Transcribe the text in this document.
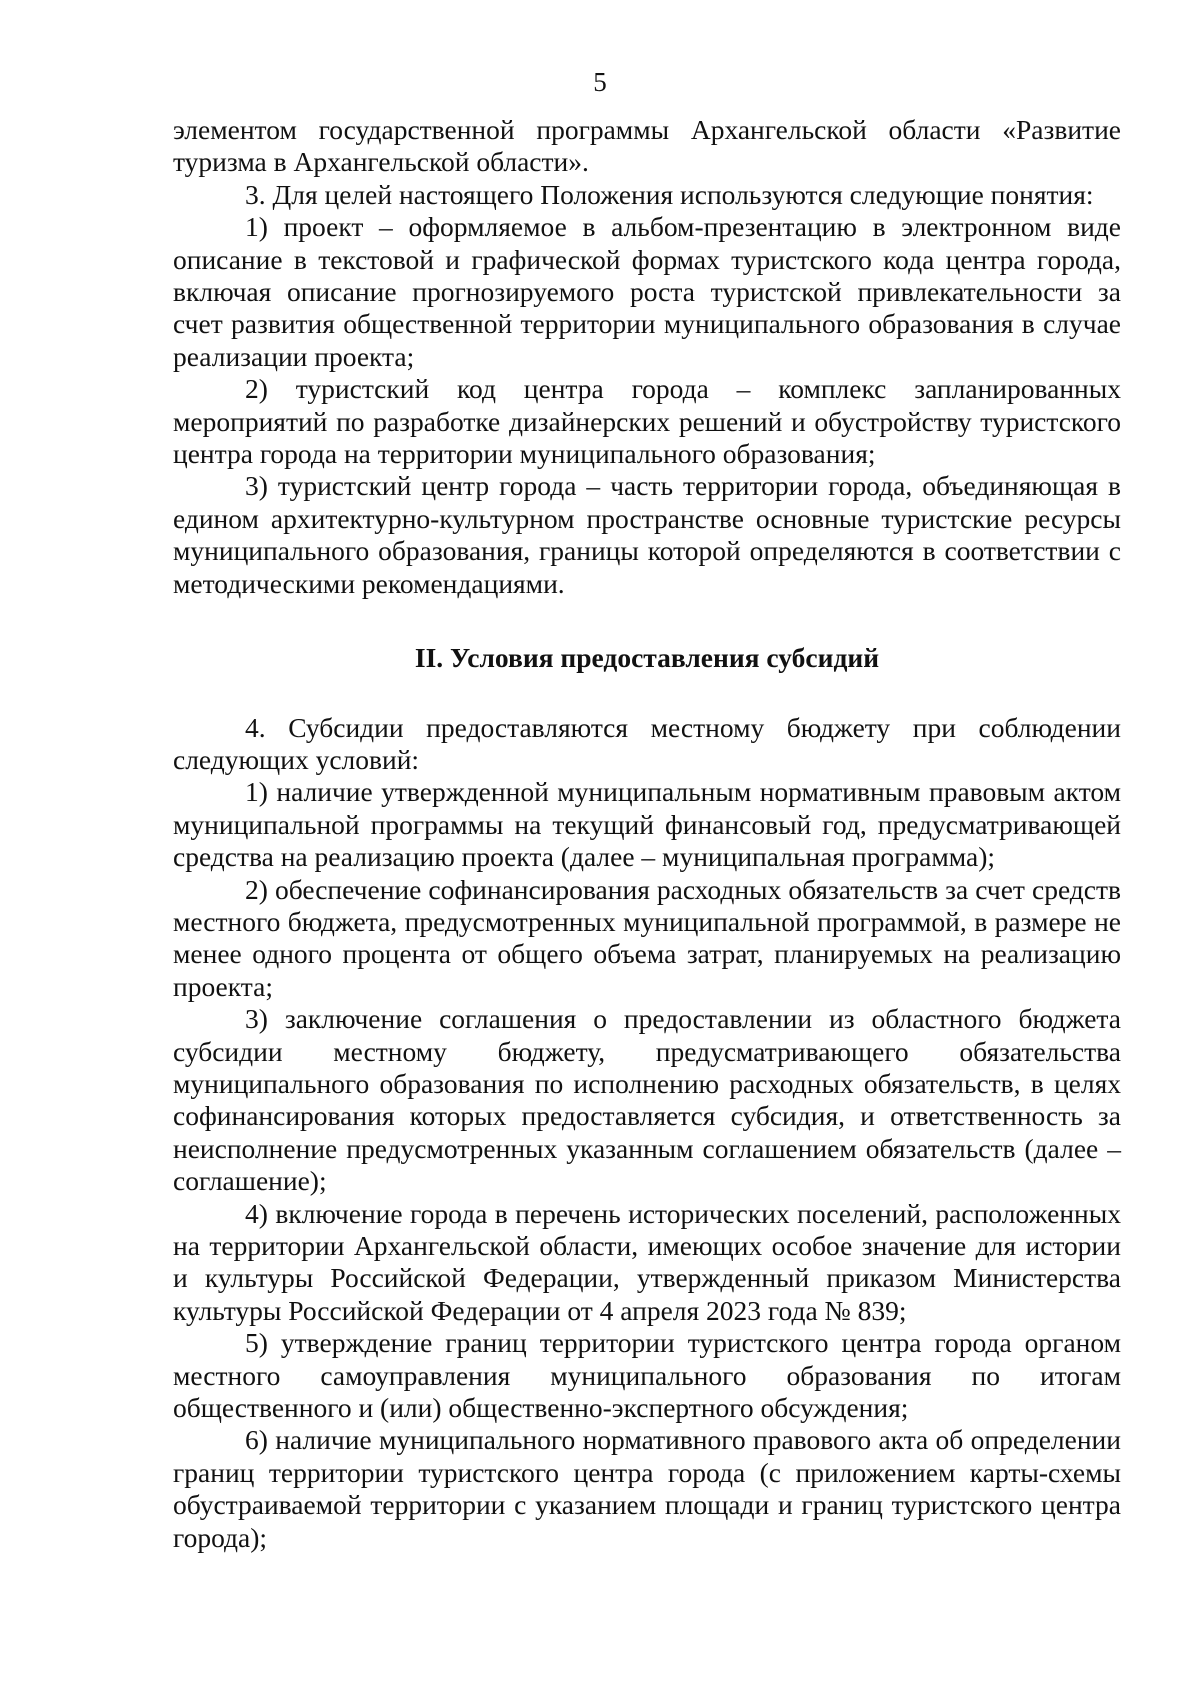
5

элементом государственной программы Архангельской области «Развитие туризма в Архангельской области».

3. Для целей настоящего Положения используются следующие понятия:

1) проект – оформляемое в альбом-презентацию в электронном виде описание в текстовой и графической формах туристского кода центра города, включая описание прогнозируемого роста туристской привлекательности за счет развития общественной территории муниципального образования в случае реализации проекта;

2) туристский код центра города – комплекс запланированных мероприятий по разработке дизайнерских решений и обустройству туристского центра города на территории муниципального образования;

3) туристский центр города – часть территории города, объединяющая в едином архитектурно-культурном пространстве основные туристские ресурсы муниципального образования, границы которой определяются в соответствии с методическими рекомендациями.

II. Условия предоставления субсидий

4. Субсидии предоставляются местному бюджету при соблюдении следующих условий:

1) наличие утвержденной муниципальным нормативным правовым актом муниципальной программы на текущий финансовый год, предусматривающей средства на реализацию проекта (далее – муниципальная программа);

2) обеспечение софинансирования расходных обязательств за счет средств местного бюджета, предусмотренных муниципальной программой, в размере не менее одного процента от общего объема затрат, планируемых на реализацию проекта;

3) заключение соглашения о предоставлении из областного бюджета субсидии местному бюджету, предусматривающего обязательства муниципального образования по исполнению расходных обязательств, в целях софинансирования которых предоставляется субсидия, и ответственность за неисполнение предусмотренных указанным соглашением обязательств (далее – соглашение);

4) включение города в перечень исторических поселений, расположенных на территории Архангельской области, имеющих особое значение для истории и культуры Российской Федерации, утвержденный приказом Министерства культуры Российской Федерации от 4 апреля 2023 года № 839;

5) утверждение границ территории туристского центра города органом местного самоуправления муниципального образования по итогам общественного и (или) общественно-экспертного обсуждения;

6) наличие муниципального нормативного правового акта об определении границ территории туристского центра города (с приложением карты-схемы обустраиваемой территории с указанием площади и границ туристского центра города);
